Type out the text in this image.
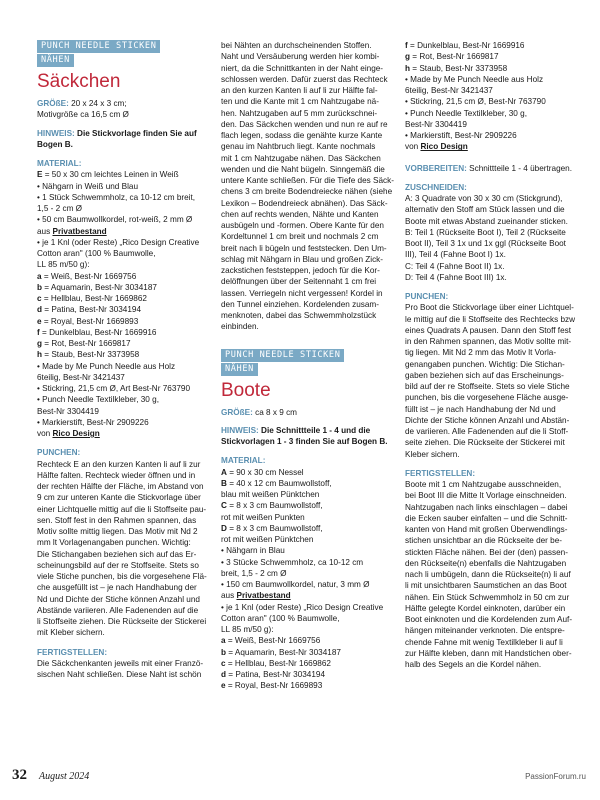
PUNCH NEEDLE STICKEN
NÄHEN
Säckchen

GRÖßE: 20 x 24 x 3 cm;

Motivgröße ca 16,5 cm Ø

HINWEIS: Die Stickvorlage finden Sie auf

Bogen B.

MATERIAL:

E = 50 x 30 cm leichtes Leinen in Weiß

• Nähgarn in Weiß und Blau

• 1 Stück Schwemmholz, ca 10-12 cm breit,

1,5 - 2 cm Ø

• 50 cm Baumwollkordel, rot-weiß, 2 mm Ø

aus Privatbestand

• je 1 Knl (oder Reste) „Rico Design Creative

Cotton aran" (100 % Baumwolle,

LL 85 m/50 g):

a = Weiß, Best-Nr 1669756

b = Aquamarin, Best-Nr 3034187

c = Hellblau, Best-Nr 1669862

d = Patina, Best-Nr 3034194

e = Royal, Best-Nr 1669893

f = Dunkelblau, Best-Nr 1669916

g = Rot, Best-Nr 1669817

h = Staub, Best-Nr 3373958

• Made by Me Punch Needle aus Holz

6teilig, Best-Nr 3421437

• Stickring, 21,5 cm Ø, Art Best-Nr 763790

• Punch Needle Textilkleber, 30 g,

Best-Nr 3304419

• Markierstift, Best-Nr 2909226

von Rico Design

PUNCHEN:

Rechteck E an den kurzen Kanten li auf li zur

Hälfte falten. Rechteck wieder öffnen und in

der rechten Hälfte der Fläche, im Abstand von

9 cm zur unteren Kante die Stickvorlage über

einer Lichtquelle mittig auf die li Stoffseite pau-

sen. Stoff fest in den Rahmen spannen, das

Motiv sollte mittig liegen. Das Motiv mit Nd 2

mm lt Vorlagenangaben punchen. Wichtig:

Die Stichangaben beziehen sich auf das Er-

scheinungsbild auf der re Stoffseite. Stets so

viele Stiche punchen, bis die vorgesehene Flä-

che ausgefüllt ist – je nach Handhabung der

Nd und Dichte der Stiche können Anzahl und

Abstände variieren. Alle Fadenenden auf die

li Stoffseite ziehen. Die Rückseite der Stickerei

mit Kleber sichern.

FERTIGSTELLEN:

Die Säckchenkanten jeweils mit einer Franzö-

sischen Naht schließen. Diese Naht ist schön

bei Nähten an durchscheinenden Stoffen.

Naht und Versäuberung werden hier kombi-

niert, da die Schnittkanten in der Naht einge-

schlossen werden. Dafür zuerst das Rechteck

an den kurzen Kanten li auf li zur Hälfte fal-

ten und die Kante mit 1 cm Nahtzugabe nä-

hen. Nahtzugaben auf 5 mm zurückschnei-

den. Das Säckchen wenden und nun re auf re

flach legen, sodass die genähte kurze Kante

genau im Nahtbruch liegt. Kante nochmals

mit 1 cm Nahtzugabe nähen. Das Säckchen

wenden und die Naht bügeln. Sinngemäß die

untere Kante schließen. Für die Tiefe des Säck-

chens 3 cm breite Bodendreiecke nähen (siehe

Lexikon – Bodendreieck abnähen). Das Säck-

chen auf rechts wenden, Nähte und Kanten

ausbügeln und -formen. Obere Kante für den

Kordeltunnel 1 cm breit und nochmals 2 cm

breit nach li bügeln und feststecken. Den Um-

schlag mit Nähgarn in Blau und großen Zick-

zackstichen feststeppen, jedoch für die Kor-

delöffnungen über der Seitennaht 1 cm frei

lassen. Verriegeln nicht vergessen! Kordel in

den Tunnel einziehen. Kordelenden zusam-

menknoten, dabei das Schwemmholzstück

einbinden.

PUNCH NEEDLE STICKEN
NÄHEN
Boote

GRÖßE: ca 8 x 9 cm

HINWEIS: Die Schnittteile 1 - 4 und die

Stickvorlagen 1 - 3 finden Sie auf Bogen B.

MATERIAL:

A = 90 x 30 cm Nessel

B = 40 x 12 cm Baumwollstoff,

blau mit weißen Pünktchen

C = 8 x 3 cm Baumwollstoff,

rot mit weißen Punkten

D = 8 x 3 cm Baumwollstoff,

rot mit weißen Pünktchen

• Nähgarn in Blau

• 3 Stücke Schwemmholz, ca 10-12 cm

breit, 1,5 - 2 cm Ø

• 150 cm Baumwollkordel, natur, 3 mm Ø

aus Privatbestand

• je 1 Knl (oder Reste) „Rico Design Creative

Cotton aran" (100 % Baumwolle,

LL 85 m/50 g):

a = Weiß, Best-Nr 1669756

b = Aquamarin, Best-Nr 3034187

c = Hellblau, Best-Nr 1669862

d = Patina, Best-Nr 3034194

e = Royal, Best-Nr 1669893

f = Dunkelblau, Best-Nr 1669916

g = Rot, Best-Nr 1669817

h = Staub, Best-Nr 3373958

• Made by Me Punch Needle aus Holz

6teilig, Best-Nr 3421437

• Stickring, 21,5 cm Ø, Best-Nr 763790

• Punch Needle Textilkleber, 30 g,

Best-Nr 3304419

• Markierstift, Best-Nr 2909226

von Rico Design

VORBEREITEN: Schnittteile 1 - 4 übertragen.
ZUSCHNEIDEN:

A: 3 Quadrate von 30 x 30 cm (Stickgrund),

alternativ den Stoff am Stück lassen und die

Boote mit etwas Abstand zueinander sticken.

B: Teil 1 (Rückseite Boot I), Teil 2 (Rückseite

Boot II), Teil 3 1x und 1x ggl (Rückseite Boot

III), Teil 4 (Fahne Boot I) 1x.

C: Teil 4 (Fahne Boot II) 1x.

D: Teil 4 (Fahne Boot III) 1x.

PUNCHEN:

Pro Boot die Stickvorlage über einer Lichtquel-

le mittig auf die li Stoffseite des Rechtecks bzw

eines Quadrats A pausen. Dann den Stoff fest

in den Rahmen spannen, das Motiv sollte mit-

tig liegen. Mit Nd 2 mm das Motiv lt Vorla-

genangaben punchen. Wichtig: Die Stichan-

gaben beziehen sich auf das Erscheinungs-

bild auf der re Stoffseite. Stets so viele Stiche

punchen, bis die vorgesehene Fläche ausge-

füllt ist – je nach Handhabung der Nd und

Dichte der Stiche können Anzahl und Abstän-

de variieren. Alle Fadenenden auf die li Stoff-

seite ziehen. Die Rückseite der Stickerei mit

Kleber sichern.

FERTIGSTELLEN:

Boote mit 1 cm Nahtzugabe ausschneiden,

bei Boot III die Mitte lt Vorlage einschneiden.

Nahtzugaben nach links einschlagen – dabei

die Ecken sauber einfalten – und die Schnitt-

kanten von Hand mit großen Überwendlings-

stichen unsichtbar an die Rückseite der be-

stickten Fläche nähen. Bei der (den) passen-

den Rückseite(n) ebenfalls die Nahtzugaben

nach li umbügeln, dann die Rückseite(n) li auf

li mit unsichtbaren Saumstichen an das Boot

nähen. Ein Stück Schwemmholz in 50 cm zur

Hälfte gelegte Kordel einknoten, darüber ein

Boot einknoten und die Kordelenden zum Auf-

hängen miteinander verknoten. Die entspre-

chende Fahne mit wenig Textilkleber li auf li

zur Hälfte kleben, dann mit Handstichen ober-

halb des Segels an die Kordel nähen.

32 August 2024	PassionForum.ru
